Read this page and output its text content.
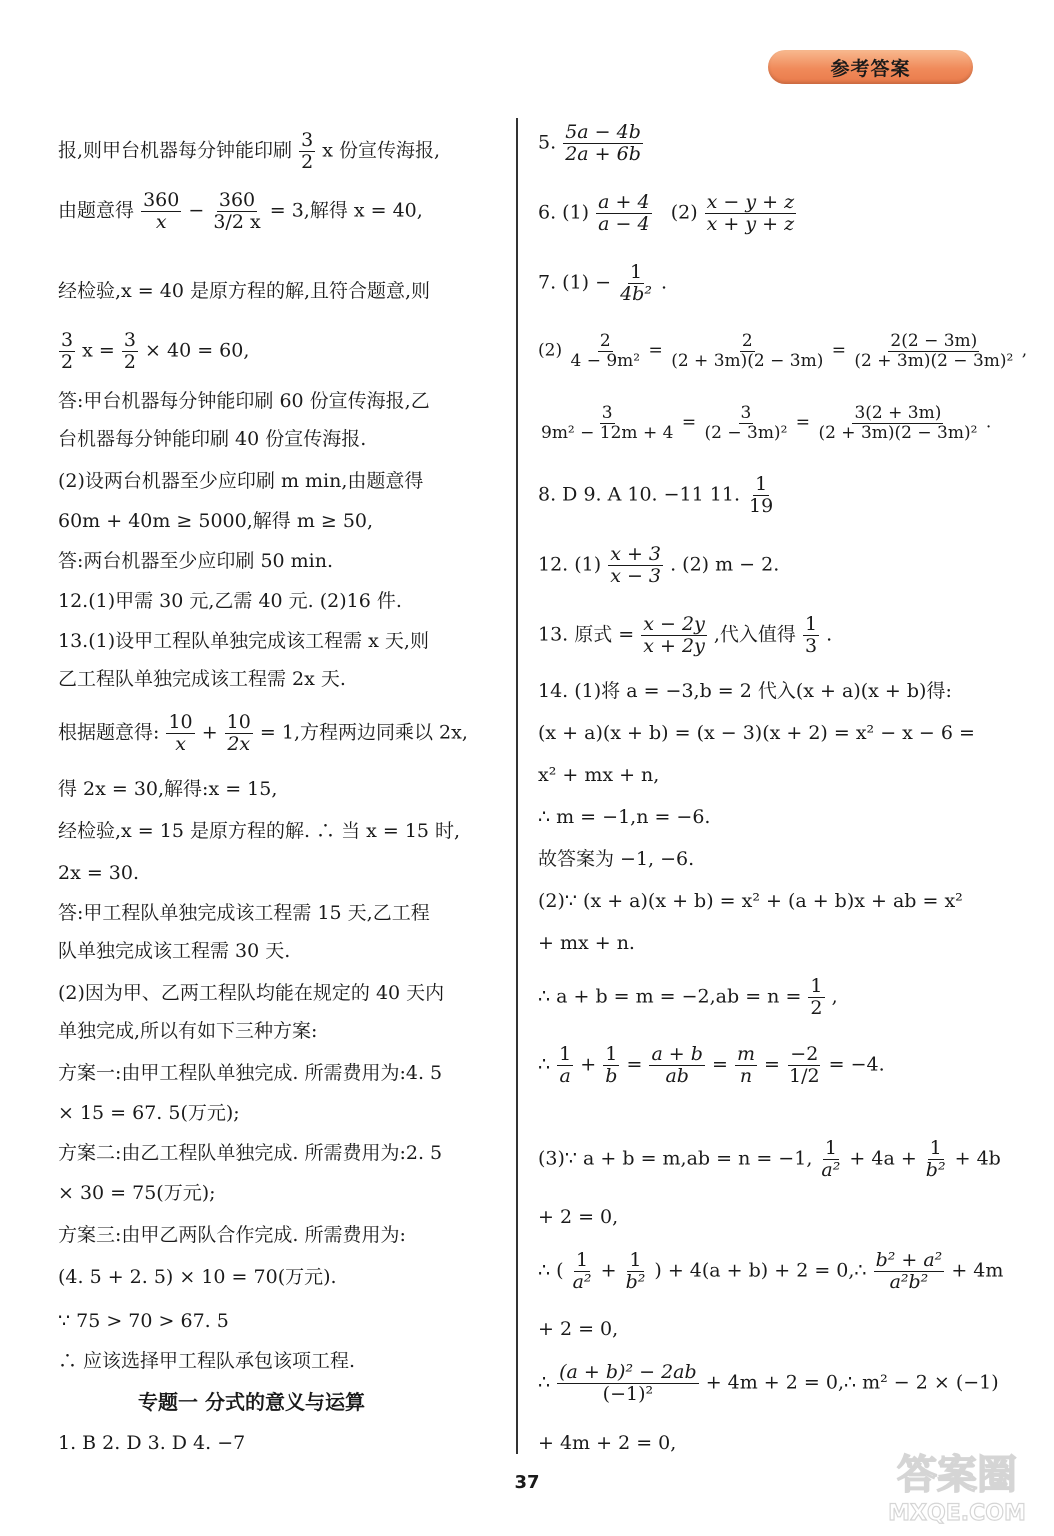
参考答案
报,则甲台机器每分钟能印刷 $\frac{3}{2}$ x 份宣传海报,
由题意得 $\frac{360}{x} - \frac{360}{3/2 x} = 3$,解得 x = 40,
经检验,x = 40 是原方程的解,且符合题意,则
$\frac{3}{2}$ $x = \frac{3}{2} \times 40 = 60$,
答:甲台机器每分钟能印刷 60 份宣传海报,乙
台机器每分钟能印刷 40 份宣传海报.
(2)设两台机器至少应印刷 m min,由题意得
60m + 40m ≥ 5000,解得 m ≥ 50,
答:两台机器至少应印刷 50 min.
12.(1)甲需 30 元,乙需 40 元. (2)16 件.
13.(1)设甲工程队单独完成该工程需 x 天,则
乙工程队单独完成该工程需 2x 天.
根据题意得: $\frac{10}{x} + \frac{10}{2x} = 1$,方程两边同乘以 2x,
得 2x = 30,解得:x = 15,
经检验,x = 15 是原方程的解. ∴ 当 x = 15 时,
2x = 30.
答:甲工程队单独完成该工程需 15 天,乙工程
队单独完成该工程需 30 天.
(2)因为甲、乙两工程队均能在规定的 40 天内
单独完成,所以有如下三种方案:
方案一:由甲工程队单独完成. 所需费用为:4. 5
× 15 = 67. 5(万元);
方案二:由乙工程队单独完成. 所需费用为:2. 5
× 30 = 75(万元);
方案三:由甲乙两队合作完成. 所需费用为:
(4. 5 + 2. 5) × 10 = 70(万元).
∵ 75 > 70 > 67. 5
∴ 应该选择甲工程队承包该项工程.
专题一 分式的意义与运算
1. B 2. D 3. D 4. −7
5. $\frac{5a - 4b}{2a + 6b}$
6. $(1) \frac{a + 4}{a - 4} (2) \frac{x - y + z}{x + y + z}$
7. $(1) - \frac{1}{\text{4b²}}$ .
$(2) \frac{2}{\text{4 − 9m²}} = \frac{2}{(2 + 3m)(2 - 3m)} = \frac{2(2 - 3m)}{\text{(2 + 3m)(2 − 3m)²}}$ ,
$\frac{3}{\text{9m² − 12m + 4}} = \frac{3}{\text{(2 − 3m)²}} = \frac{3(2 + 3m)}{\text{(2 + 3m)(2 − 3m)²}}$ .
8. D 9. A 10. −11 11. $\frac{1}{19}$
12. $(1) \frac{x + 3}{x - 3}$ . (2) m − 2.
13. 原式 = $\frac{x - 2y}{x + 2y}$ ,代入值得 $\frac{1}{3}$ .
14. (1)将 a = −3,b = 2 代入(x + a)(x + b)得:
(x + a)(x + b) = (x − 3)(x + 2) = x² − x − 6 =
x² + mx + n,
∴ m = −1,n = −6.
故答案为 −1, −6.
(2)∵ (x + a)(x + b) = x² + (a + b)x + ab = x²
+ mx + n.
∴ $a + b = m = -2,ab = n = \frac{1}{2}$ ,
∴ $\frac{1}{a} + \frac{1}{b} = \frac{a + b}{ab} = \frac{m}{n} = \frac{-2}{1/2} = -4$.
(3)∵ a + b = m,ab = n = −1, $\frac{1}{\text{a²}} + 4a + \frac{1}{\text{b²}} + 4b$
+ 2 = 0,
∴ ( $\frac{1}{\text{a²}} + \frac{1}{\text{b²}}$ ) + 4(a + b) + 2 = 0,∴ $\frac{\text{b² + a²}}{\text{a²b²}} + 4m$
+ 2 = 0,
∴ $\frac{\text{(a + b)² − 2ab}}{\text{(−1)²}} + 4m + 2$ = 0,∴ m² − 2 × (−1)
+ 4m + 2 = 0,
37	答案圈
MXQE.COM
